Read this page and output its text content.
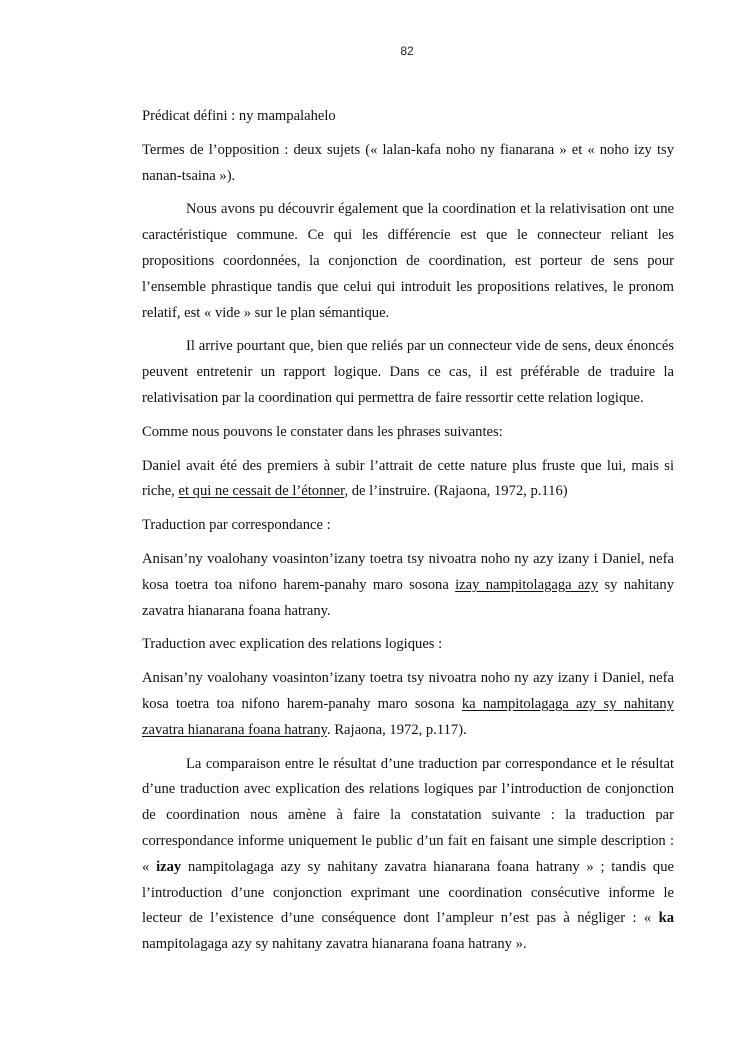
82

Prédicat défini : ny mampalahelo

Termes de l’opposition : deux sujets (« lalan-kafa noho ny fianarana » et « noho izy tsy nanan-tsaina »).

Nous avons pu découvrir également que la coordination et la relativisation ont une caractéristique commune. Ce qui les différencie est que le connecteur reliant les propositions coordonnées, la conjonction de coordination, est porteur de sens pour l’ensemble phrastique tandis que celui qui introduit les propositions relatives, le pronom relatif, est « vide » sur le plan sémantique.

Il arrive pourtant que, bien que reliés par un connecteur vide de sens, deux énoncés peuvent entretenir un rapport logique. Dans ce cas, il est préférable de traduire la relativisation par la coordination qui permettra de faire ressortir cette relation logique.

Comme nous pouvons le constater dans les phrases suivantes:

Daniel avait été des premiers à subir l’attrait de cette nature plus fruste que lui, mais si riche, et qui ne cessait de l’étonner, de l’instruire. (Rajaona, 1972, p.116)

Traduction par correspondance :

Anisan’ny voalohany voasinton’izany toetra tsy nivoatra noho ny azy izany i Daniel, nefa kosa toetra toa nifono harem-panahy maro sosona izay nampitolagaga azy sy nahitany zavatra hianarana foana hatrany.

Traduction avec explication des relations logiques :

Anisan’ny voalohany voasinton’izany toetra tsy nivoatra noho ny azy izany i Daniel, nefa kosa toetra toa nifono harem-panahy maro sosona ka nampitolagaga azy sy nahitany zavatra hianarana foana hatrany. Rajaona, 1972, p.117).

La comparaison entre le résultat d’une traduction par correspondance et le résultat d’une traduction avec explication des relations logiques par l’introduction de conjonction de coordination nous amène à faire la constatation suivante : la traduction par correspondance informe uniquement le public d’un fait en faisant une simple description : « izay nampitolagaga azy sy nahitany zavatra hianarana foana hatrany » ; tandis que l’introduction d’une conjonction exprimant une coordination consécutive informe le lecteur de l’existence d’une conséquence dont l’ampleur n’est pas à négliger : « ka nampitolagaga azy sy nahitany zavatra hianarana foana hatrany ».
